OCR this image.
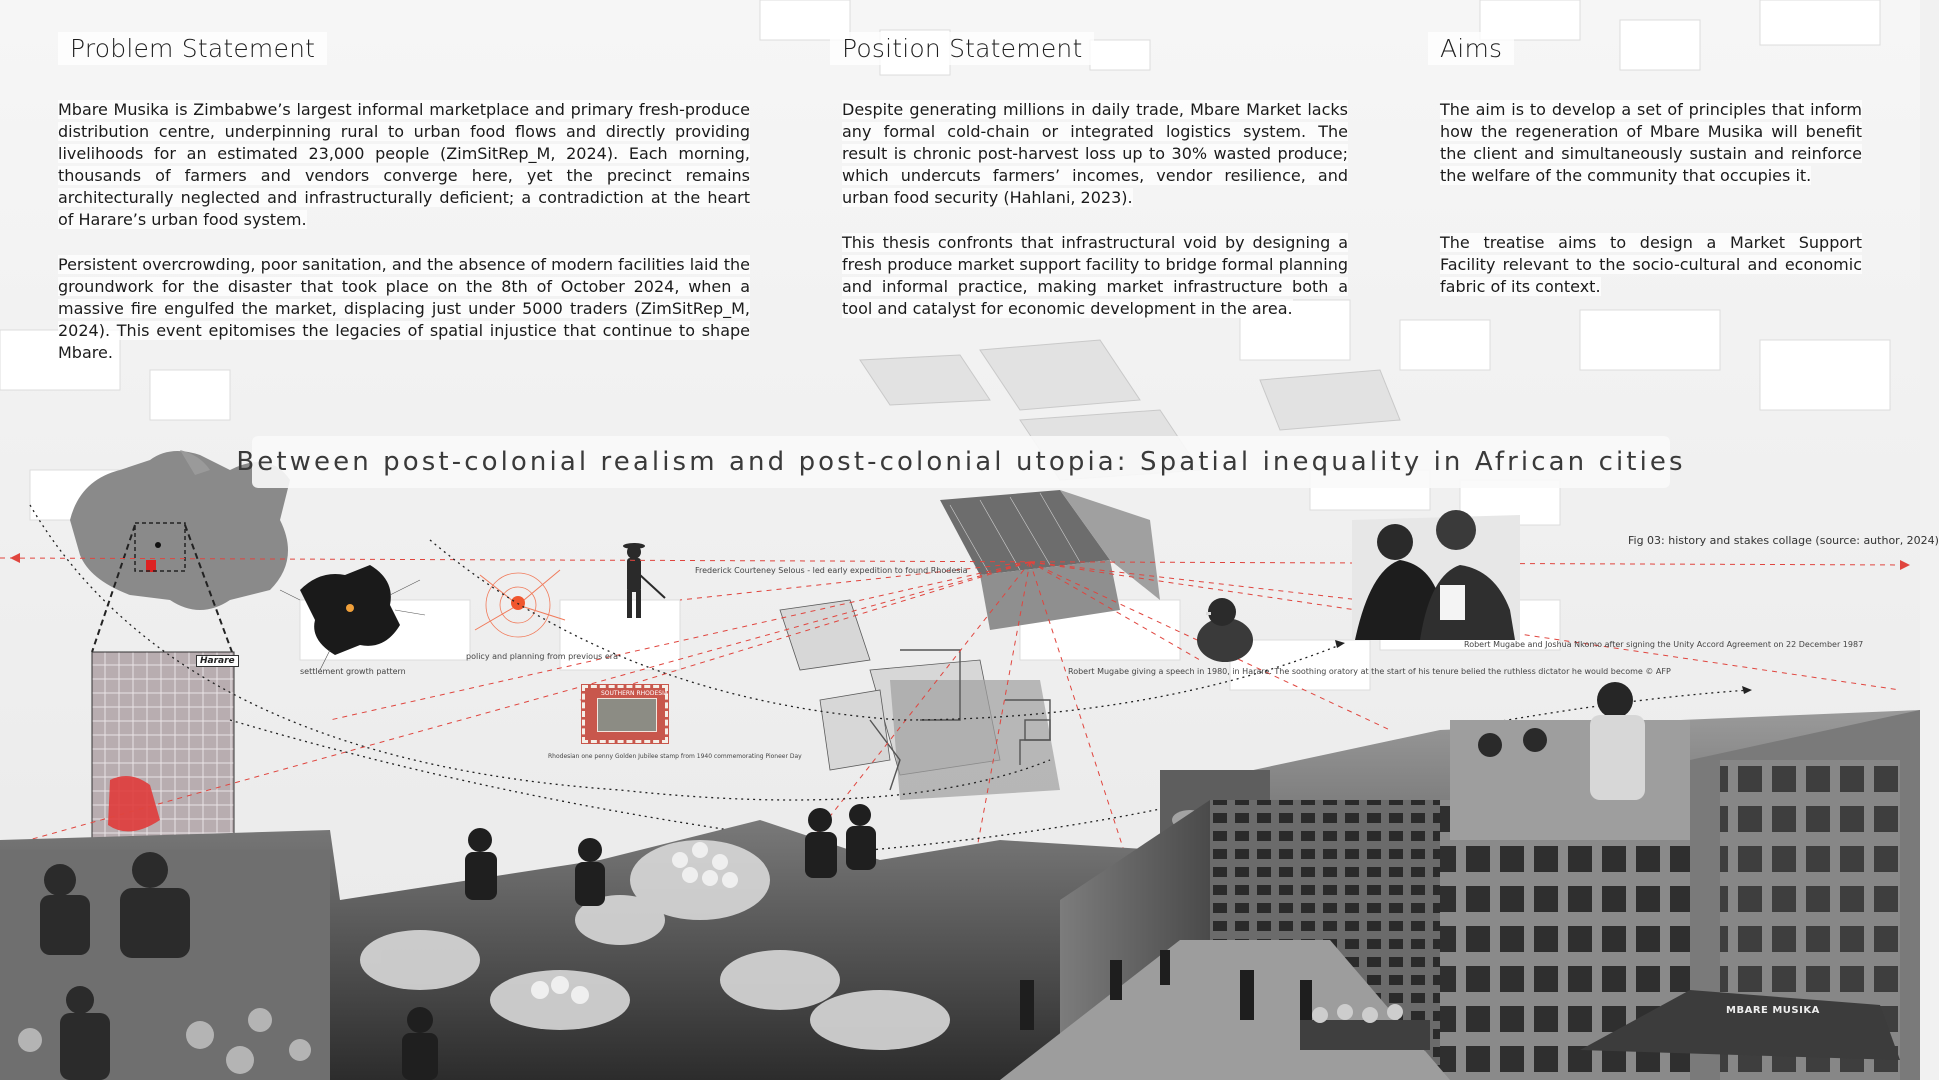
Problem Statement
Mbare Musika is Zimbabwe’s largest informal marketplace and primary fresh-produce distribution centre, underpinning rural to urban food flows and directly providing livelihoods for an estimated 23,000 people (ZimSitRep_M, 2024). Each morning, thousands of farmers and vendors converge here, yet the precinct remains architecturally neglected and infrastructurally deficient; a contradiction at the heart of Harare’s urban food system.
Persistent overcrowding, poor sanitation, and the absence of modern facilities laid the groundwork for the disaster that took place on the 8th of October 2024, when a massive fire engulfed the market, displacing just under 5000 traders (ZimSitRep_M, 2024). This event epitomises the legacies of spatial injustice that continue to shape Mbare.
Position Statement
Despite generating millions in daily trade, Mbare Market lacks any formal cold-chain or integrated logistics system. The result is chronic post-harvest loss up to 30% wasted produce; which undercuts farmers’ incomes, vendor resilience, and urban food security (Hahlani, 2023).
This thesis confronts that infrastructural void by designing a fresh produce market support facility to bridge formal planning and informal practice, making market infrastructure both a tool and catalyst for economic development in the area.
Aims
The aim is to develop a set of principles that inform how the regeneration of Mbare Musika will benefit the client and simultaneously sustain and reinforce the welfare of the community that occupies it.
The treatise aims to design a Market Support Facility relevant to the socio-cultural and economic fabric of its context.
Between post-colonial realism and post-colonial utopia: Spatial inequality in African cities
Harare
settlement growth pattern
policy and planning from previous era
Frederick Courteney Selous - led early expedition to found Rhodesia
SOUTHERN RHODESIA
Rhodesian one penny Golden Jubilee stamp from 1940 commemorating Pioneer Day
Robert Mugabe giving a speech in 1980, in Harare. The soothing oratory at the start of his tenure belied the ruthless dictator he would become © AFP
Robert Mugabe and Joshua Nkomo after signing the Unity Accord Agreement on 22 December 1987
Fig 03: history and stakes collage (source: author, 2024)
MBARE MUSIKA
